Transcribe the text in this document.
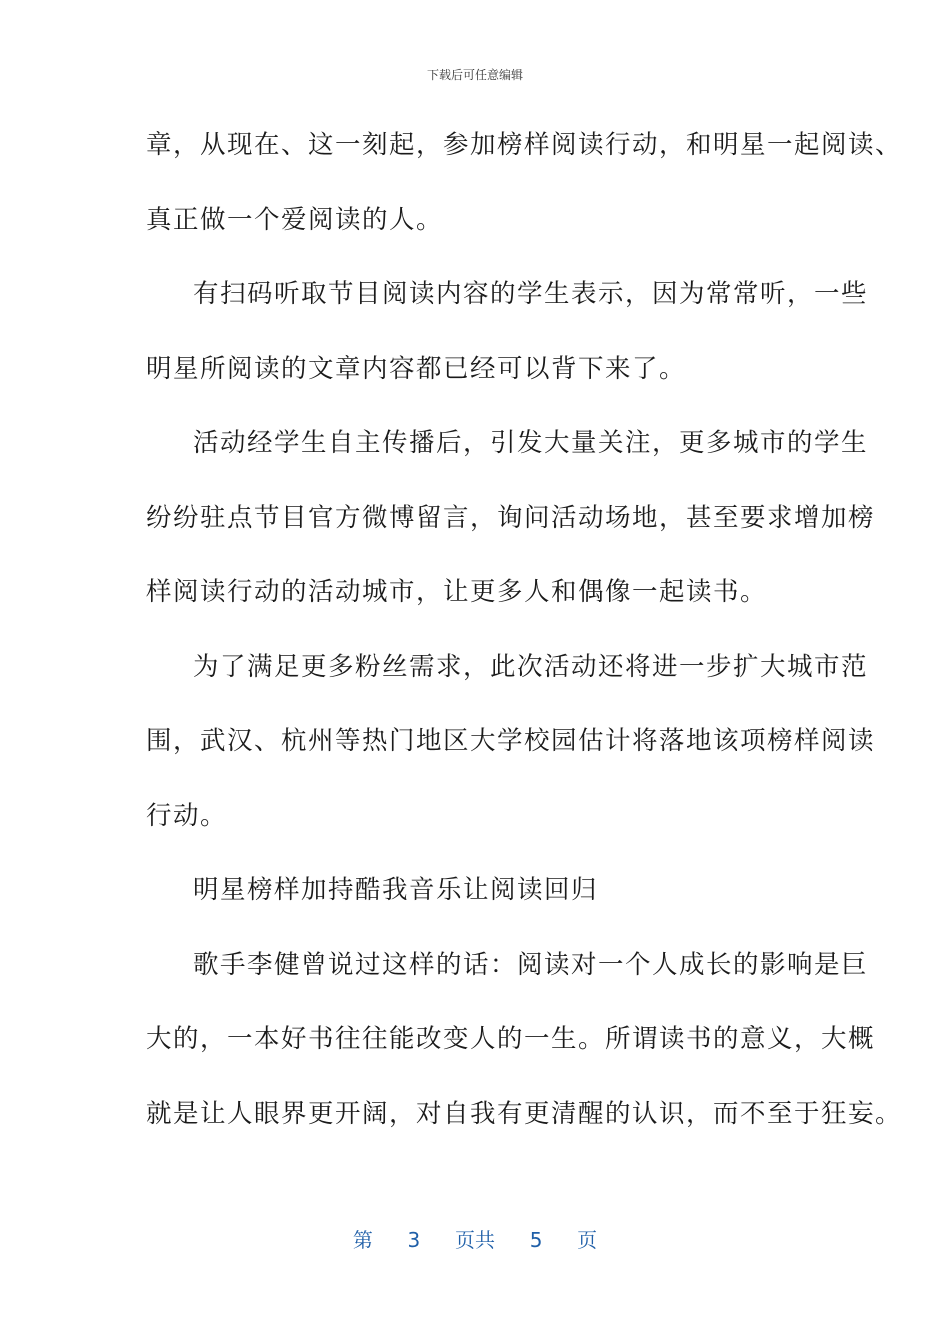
下载后可任意编辑
章，从现在、这一刻起，参加榜样阅读行动，和明星一起阅读、
真正做一个爱阅读的人。
有扫码听取节目阅读内容的学生表示，因为常常听，一些
明星所阅读的文章内容都已经可以背下来了。
活动经学生自主传播后，引发大量关注，更多城市的学生
纷纷驻点节目官方微博留言，询问活动场地，甚至要求增加榜
样阅读行动的活动城市，让更多人和偶像一起读书。
为了满足更多粉丝需求，此次活动还将进一步扩大城市范
围，武汉、杭州等热门地区大学校园估计将落地该项榜样阅读
行动。
明星榜样加持酷我音乐让阅读回归
歌手李健曾说过这样的话：阅读对一个人成长的影响是巨
大的，一本好书往往能改变人的一生。所谓读书的意义，大概
就是让人眼界更开阔，对自我有更清醒的认识，而不至于狂妄。
第 3 页共 5 页
